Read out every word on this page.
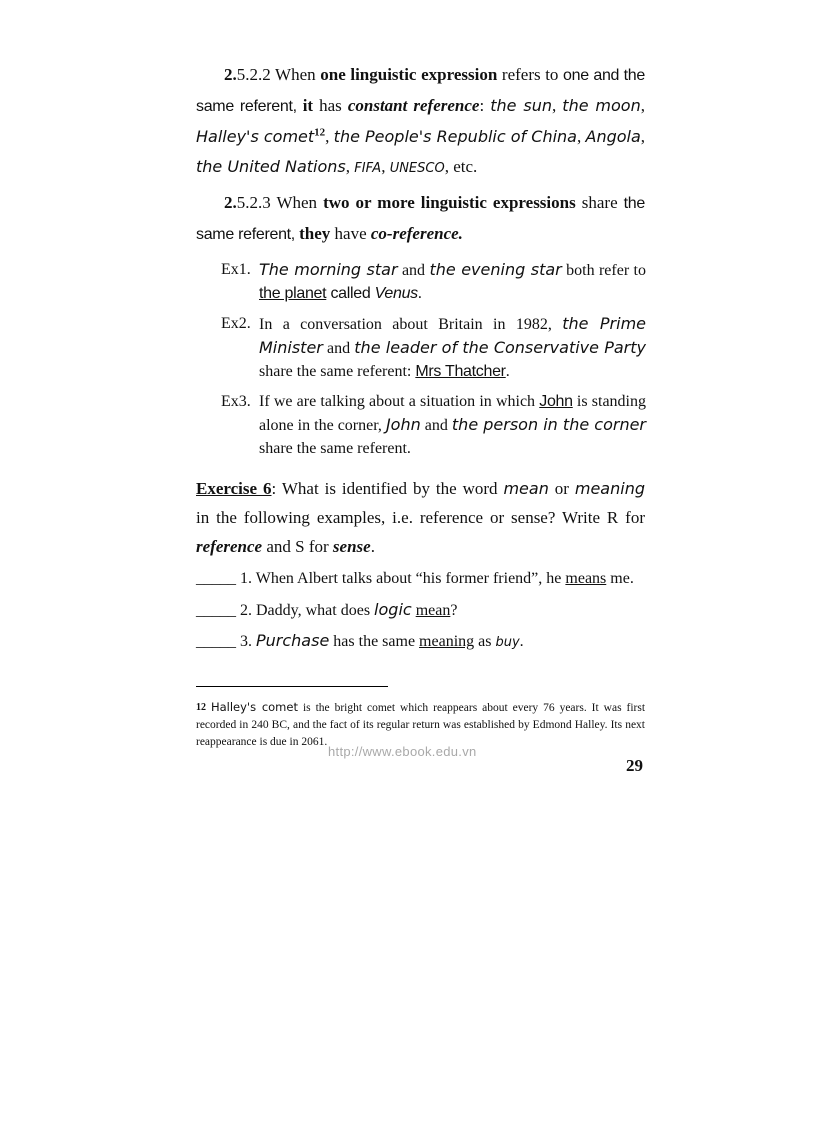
2.5.2.2 When one linguistic expression refers to one and the same referent, it has constant reference: the sun, the moon, Halley's comet$^{12}$, the People's Republic of China, Angola, the United Nations, FIFA, UNESCO, etc.
2.5.2.3 When two or more linguistic expressions share the same referent, they have co-reference.
Ex1. The morning star and the evening star both refer to the planet called Venus.
Ex2. In a conversation about Britain in 1982, the Prime Minister and the leader of the Conservative Party share the same referent: Mrs Thatcher.
Ex3. If we are talking about a situation in which John is standing alone in the corner, John and the person in the corner share the same referent.
Exercise 6: What is identified by the word mean or meaning in the following examples, i.e. reference or sense? Write R for reference and S for sense.
_____ 1. When Albert talks about “his former friend”, he means me.
_____ 2. Daddy, what does logic mean?
_____ 3. Purchase has the same meaning as buy.
12 Halley's comet is the bright comet which reappears about every 76 years. It was first recorded in 240 BC, and the fact of its regular return was established by Edmond Halley. Its next reappearance is due in 2061.
http://www.ebook.edu.vn
29
